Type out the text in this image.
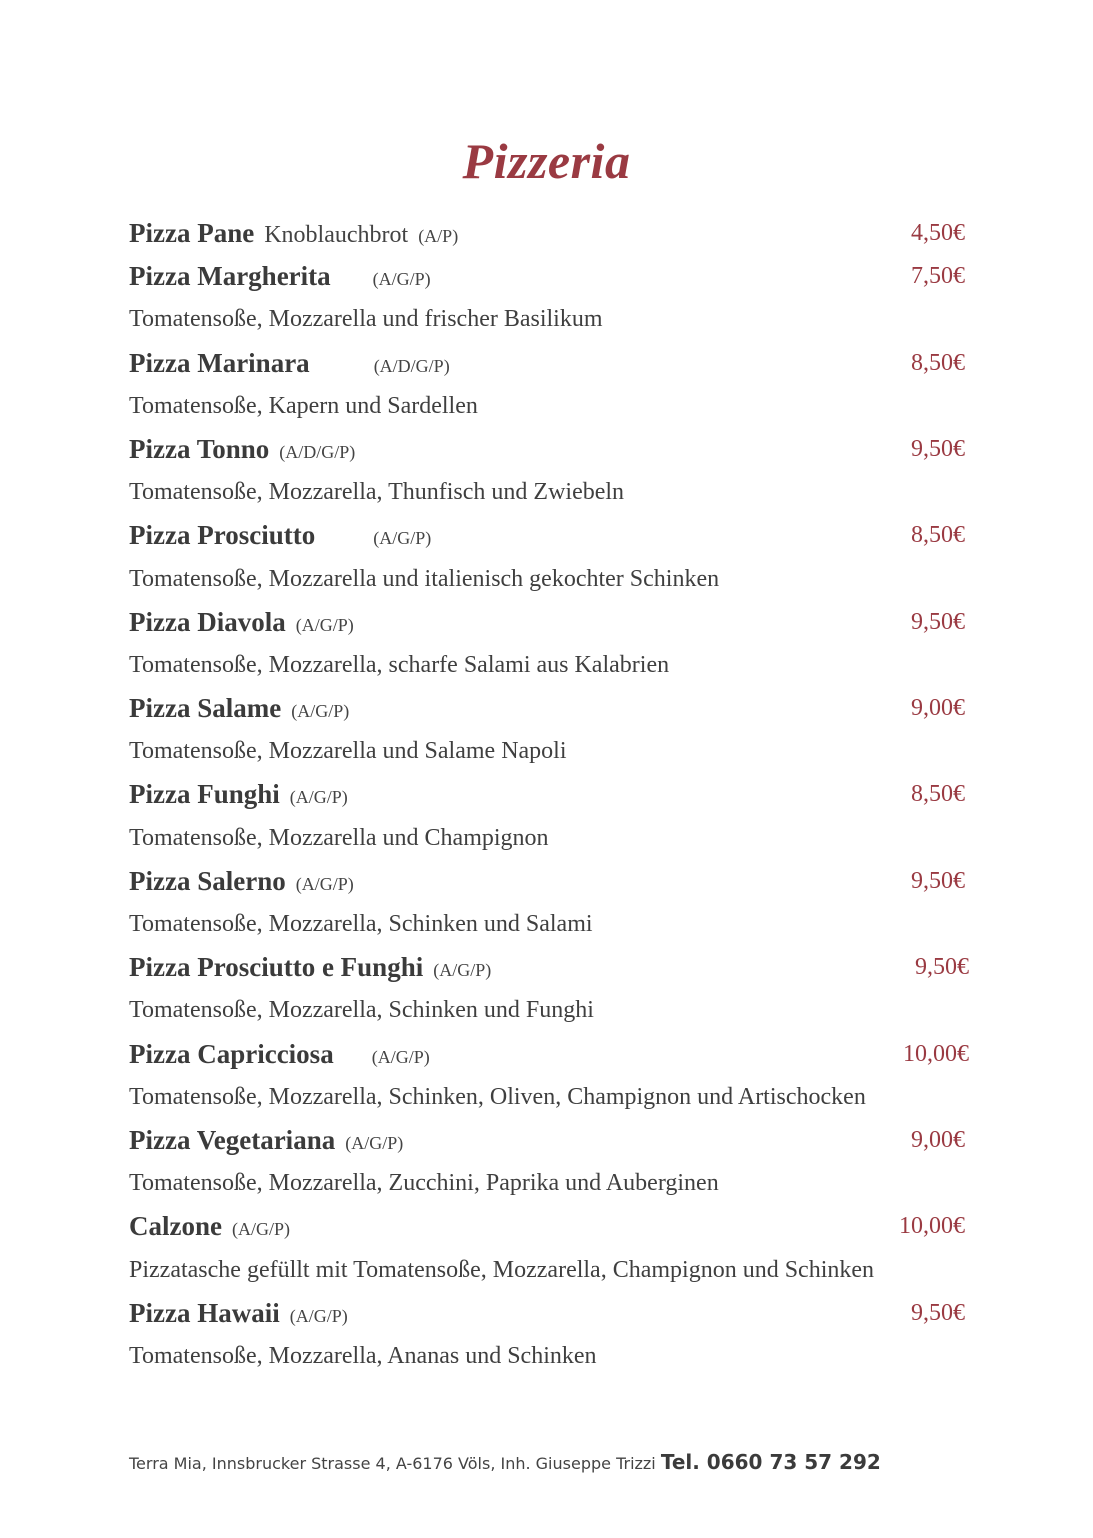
Pizzeria
Pizza Pane Knoblauchbrot (A/P)	4,50€
Pizza Margherita (A/G/P)	7,50€
Tomatensoße, Mozzarella und frischer Basilikum
Pizza Marinara	(A/D/G/P)	8,50€
Tomatensoße, Kapern und Sardellen
Pizza Tonno (A/D/G/P)	9,50€
Tomatensoße, Mozzarella, Thunfisch und Zwiebeln
Pizza Prosciutto	(A/G/P)	8,50€
Tomatensoße, Mozzarella und italienisch gekochter Schinken
Pizza Diavola (A/G/P)	9,50€
Tomatensoße, Mozzarella, scharfe Salami aus Kalabrien
Pizza Salame (A/G/P)	9,00€
Tomatensoße, Mozzarella und Salame Napoli
Pizza Funghi (A/G/P)	8,50€
Tomatensoße, Mozzarella und Champignon
Pizza Salerno (A/G/P)	9,50€
Tomatensoße, Mozzarella, Schinken und Salami
Pizza Prosciutto e Funghi (A/G/P)	9,50€
Tomatensoße, Mozzarella, Schinken und Funghi
Pizza Capricciosa (A/G/P)	10,00€
Tomatensoße, Mozzarella, Schinken, Oliven, Champignon und Artischocken
Pizza Vegetariana (A/G/P)	9,00€
Tomatensoße, Mozzarella, Zucchini, Paprika und Auberginen
Calzone (A/G/P)	10,00€
Pizzatasche gefüllt mit Tomatensoße, Mozzarella, Champignon und Schinken
Pizza Hawaii (A/G/P)	9,50€
Tomatensoße, Mozzarella, Ananas und Schinken
Terra Mia, Innsbrucker Strasse 4, A-6176 Völs, Inh. Giuseppe Trizzi Tel. 0660 73 57 292
